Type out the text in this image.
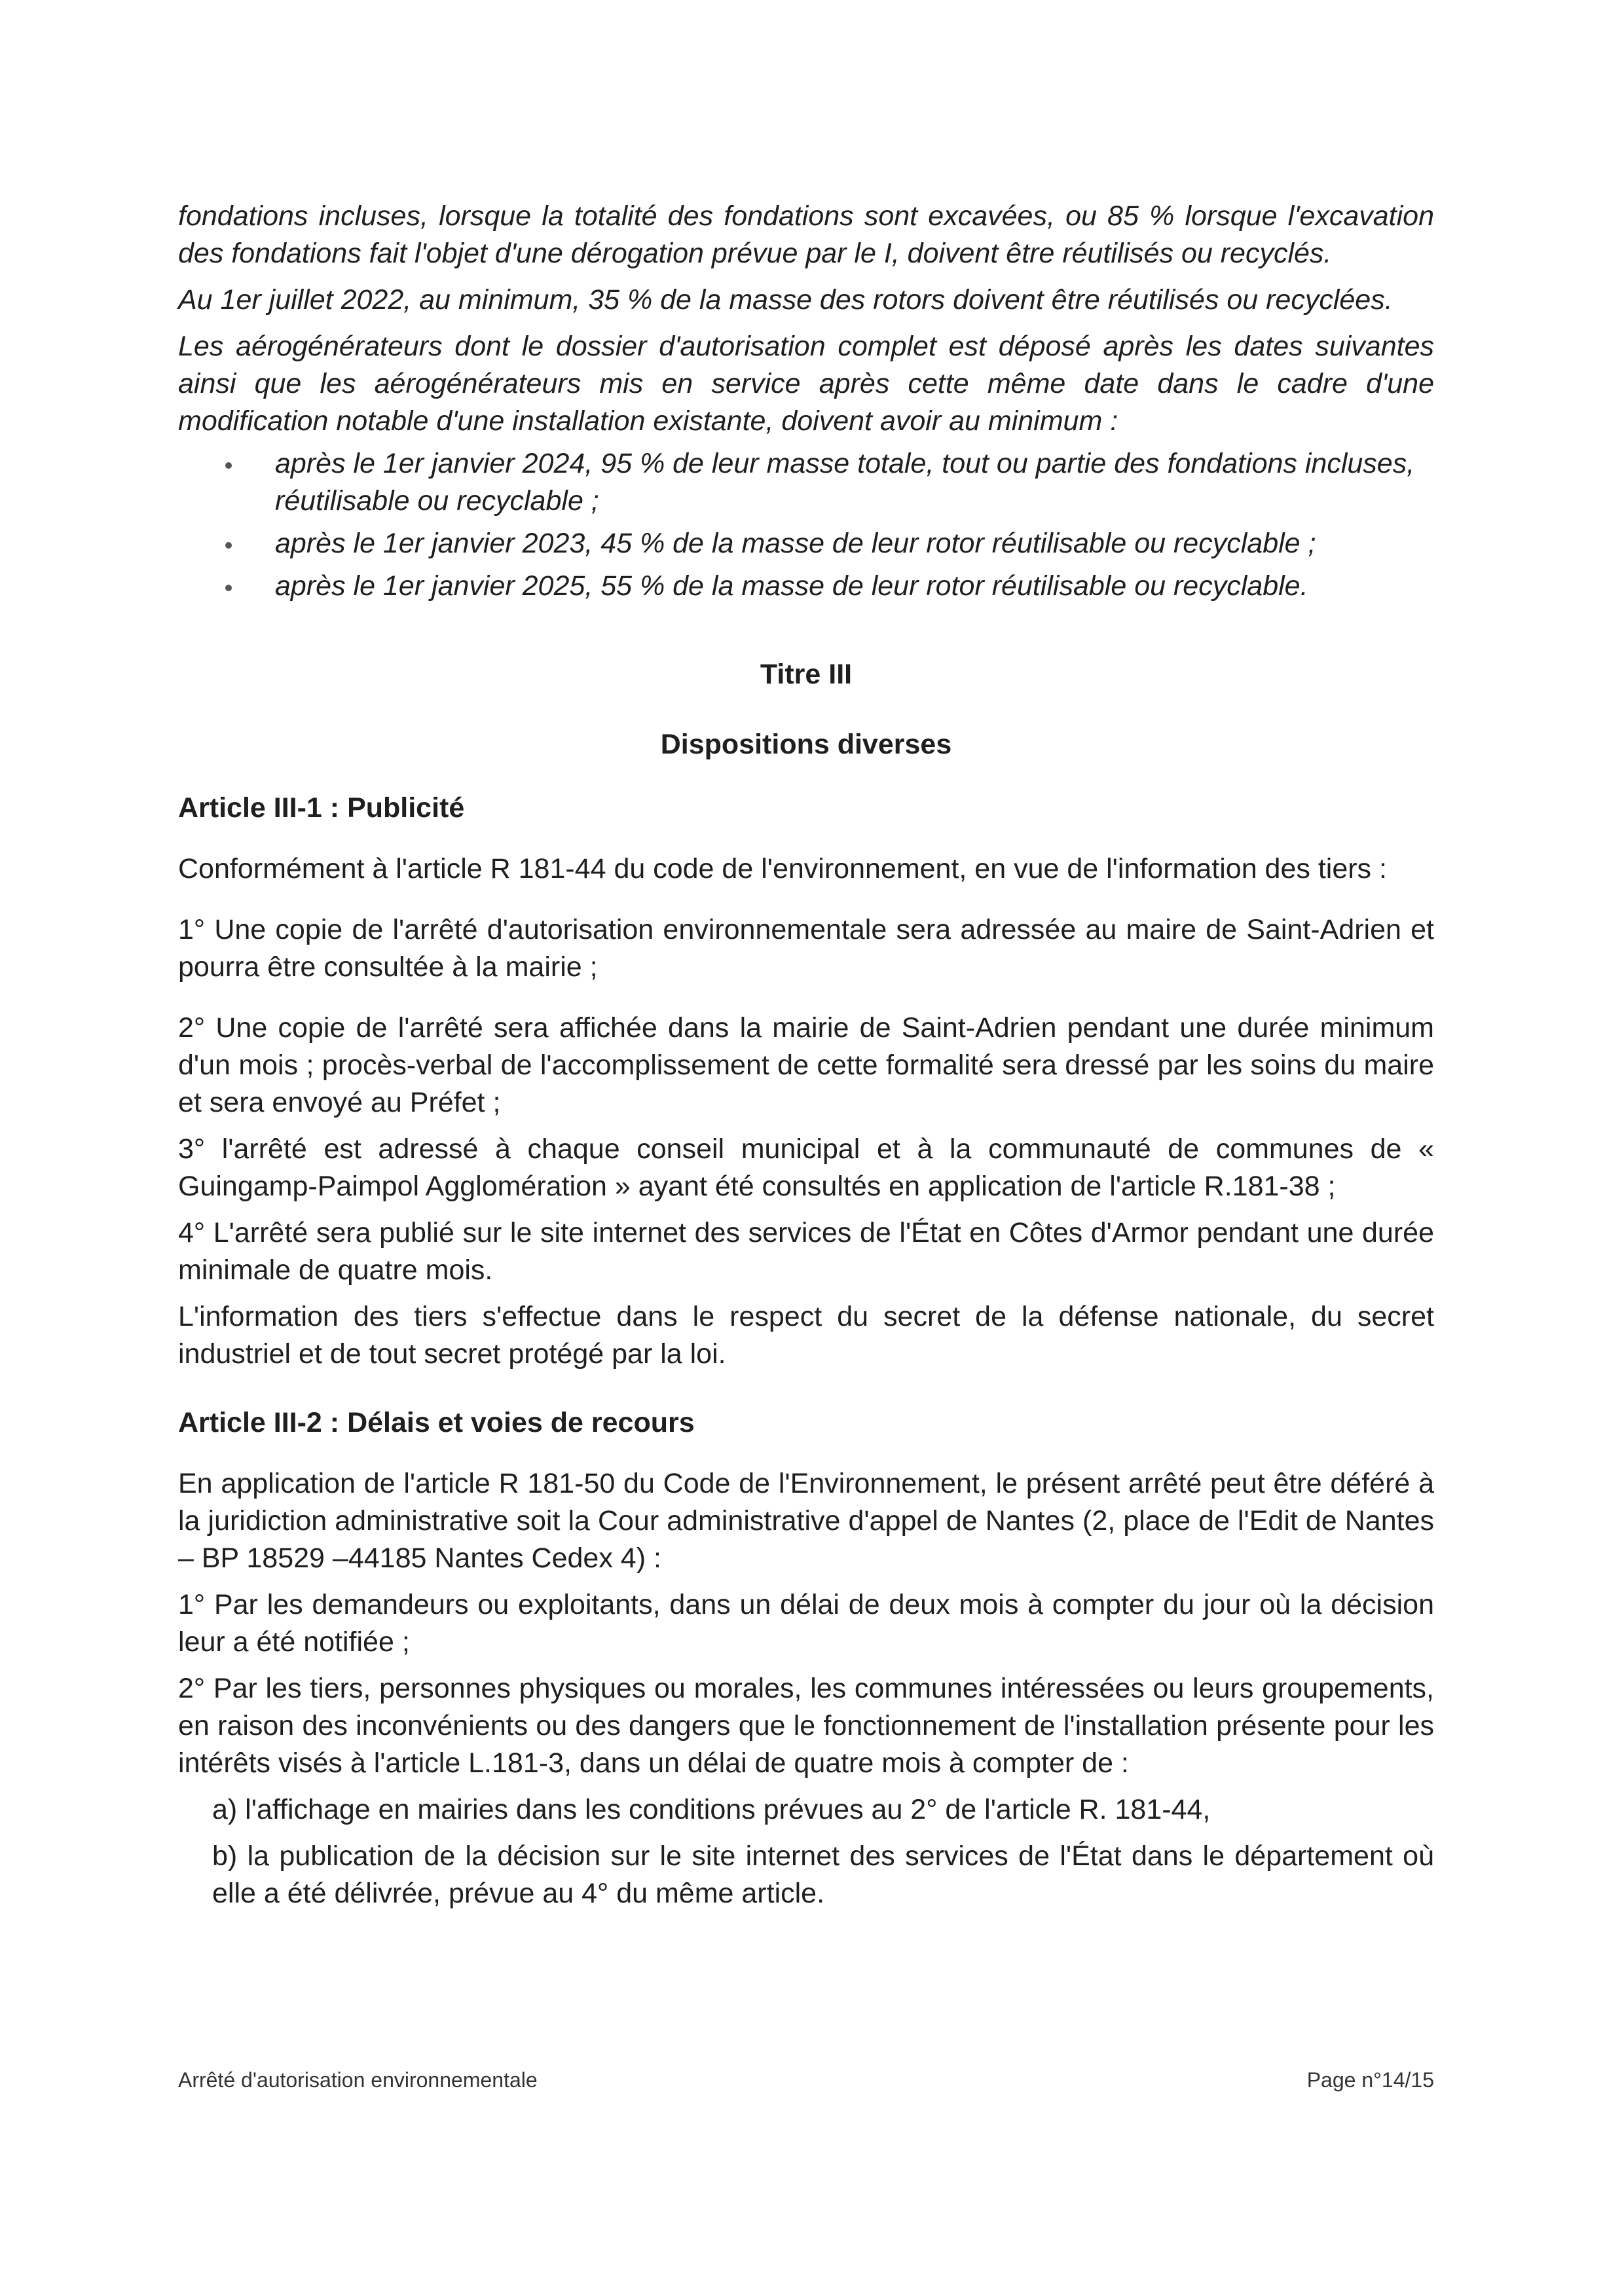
fondations incluses, lorsque la totalité des fondations sont excavées, ou 85 % lorsque l'excavation des fondations fait l'objet d'une dérogation prévue par le I, doivent être réutilisés ou recyclés.

Au 1er juillet 2022, au minimum, 35 % de la masse des rotors doivent être réutilisés ou recyclées.

Les aérogénérateurs dont le dossier d'autorisation complet est déposé après les dates suivantes ainsi que les aérogénérateurs mis en service après cette même date dans le cadre d'une modification notable d'une installation existante, doivent avoir au minimum :

après le 1er janvier 2024, 95 % de leur masse totale, tout ou partie des fondations incluses, réutilisable ou recyclable ;
après le 1er janvier 2023, 45 % de la masse de leur rotor réutilisable ou recyclable ;
après le 1er janvier 2025, 55 % de la masse de leur rotor réutilisable ou recyclable.

Titre III

Dispositions diverses

Article III-1 : Publicité

Conformément à l'article R 181-44 du code de l'environnement, en vue de l'information des tiers :

1° Une copie de l'arrêté d'autorisation environnementale sera adressée au maire de Saint-Adrien et pourra être consultée à la mairie ;

2° Une copie de l'arrêté sera affichée dans la mairie de Saint-Adrien pendant une durée minimum d'un mois ; procès-verbal de l'accomplissement de cette formalité sera dressé par les soins du maire et sera envoyé au Préfet ;

3° l'arrêté est adressé à chaque conseil municipal et à la communauté de communes de « Guingamp-Paimpol Agglomération » ayant été consultés en application de l'article R.181-38 ;

4° L'arrêté sera publié sur le site internet des services de l'État en Côtes d'Armor pendant une durée minimale de quatre mois.

L'information des tiers s'effectue dans le respect du secret de la défense nationale, du secret industriel et de tout secret protégé par la loi.

Article III-2 : Délais et voies de recours

En application de l'article R 181-50 du Code de l'Environnement, le présent arrêté peut être déféré à la juridiction administrative soit la Cour administrative d'appel de Nantes (2, place de l'Edit de Nantes – BP 18529 –44185 Nantes Cedex 4) :

1° Par les demandeurs ou exploitants, dans un délai de deux mois à compter du jour où la décision leur a été notifiée ;

2° Par les tiers, personnes physiques ou morales, les communes intéressées ou leurs groupements, en raison des inconvénients ou des dangers que le fonctionnement de l'installation présente pour les intérêts visés à l'article L.181-3, dans un délai de quatre mois à compter de :

a) l'affichage en mairies dans les conditions prévues au 2° de l'article R. 181-44,

b) la publication de la décision sur le site internet des services de l'État dans le département où elle a été délivrée, prévue au 4° du même article.

Arrêté d'autorisation environnementale	Page n°14/15
